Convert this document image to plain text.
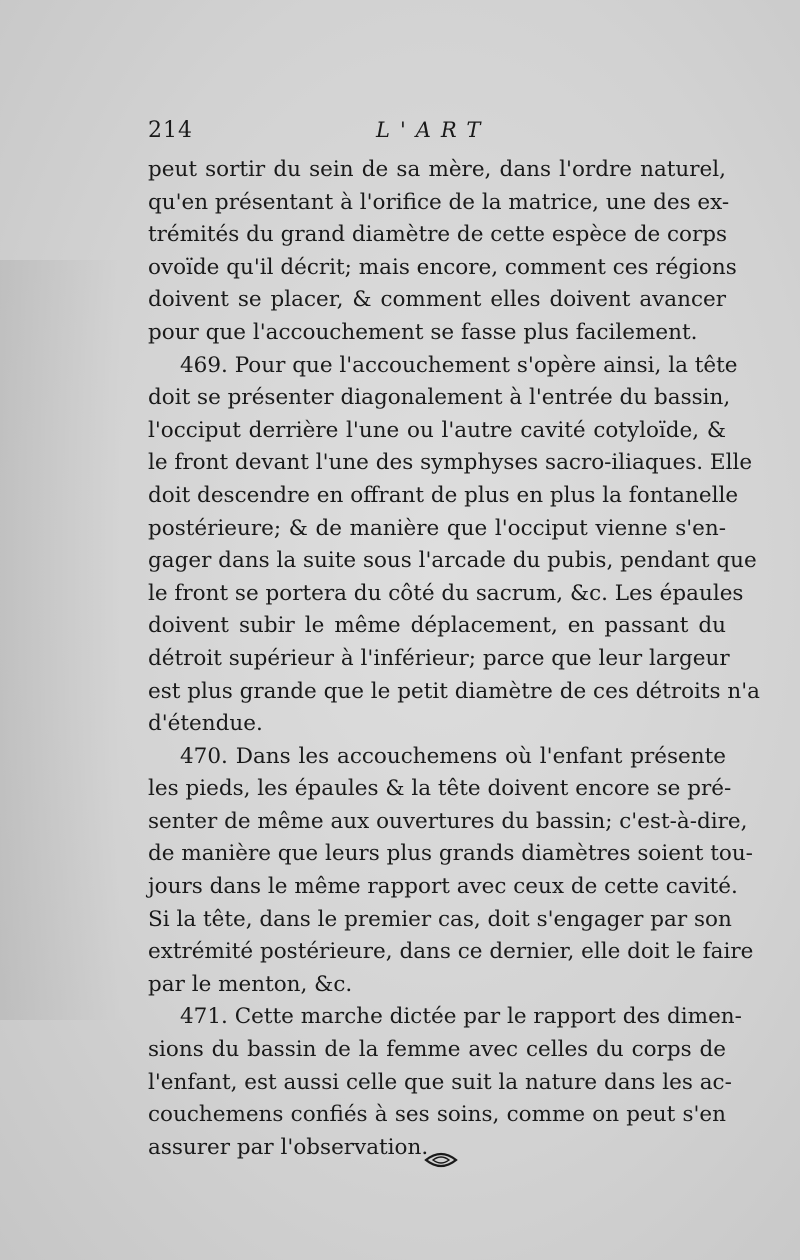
214	L'ART
peut sortir du sein de sa mère, dans l'ordre naturel,
qu'en présentant à l'orifice de la matrice, une des ex-
trémités du grand diamètre de cette espèce de corps
ovoïde qu'il décrit; mais encore, comment ces régions
doivent se placer, & comment elles doivent avancer
pour que l'accouchement se fasse plus facilement.
469. Pour que l'accouchement s'opère ainsi, la tête
doit se présenter diagonalement à l'entrée du bassin,
l'occiput derrière l'une ou l'autre cavité cotyloïde, &
le front devant l'une des symphyses sacro-iliaques. Elle
doit descendre en offrant de plus en plus la fontanelle
postérieure; & de manière que l'occiput vienne s'en-
gager dans la suite sous l'arcade du pubis, pendant que
le front se portera du côté du sacrum, &c. Les épaules
doivent subir le même déplacement, en passant du
détroit supérieur à l'inférieur; parce que leur largeur
est plus grande que le petit diamètre de ces détroits n'a
d'étendue.
470. Dans les accouchemens où l'enfant présente
les pieds, les épaules & la tête doivent encore se pré-
senter de même aux ouvertures du bassin; c'est-à-dire,
de manière que leurs plus grands diamètres soient tou-
jours dans le même rapport avec ceux de cette cavité.
Si la tête, dans le premier cas, doit s'engager par son
extrémité postérieure, dans ce dernier, elle doit le faire
par le menton, &c.
471. Cette marche dictée par le rapport des dimen-
sions du bassin de la femme avec celles du corps de
l'enfant, est aussi celle que suit la nature dans les ac-
couchemens confiés à ses soins, comme on peut s'en
assurer par l'observation.
